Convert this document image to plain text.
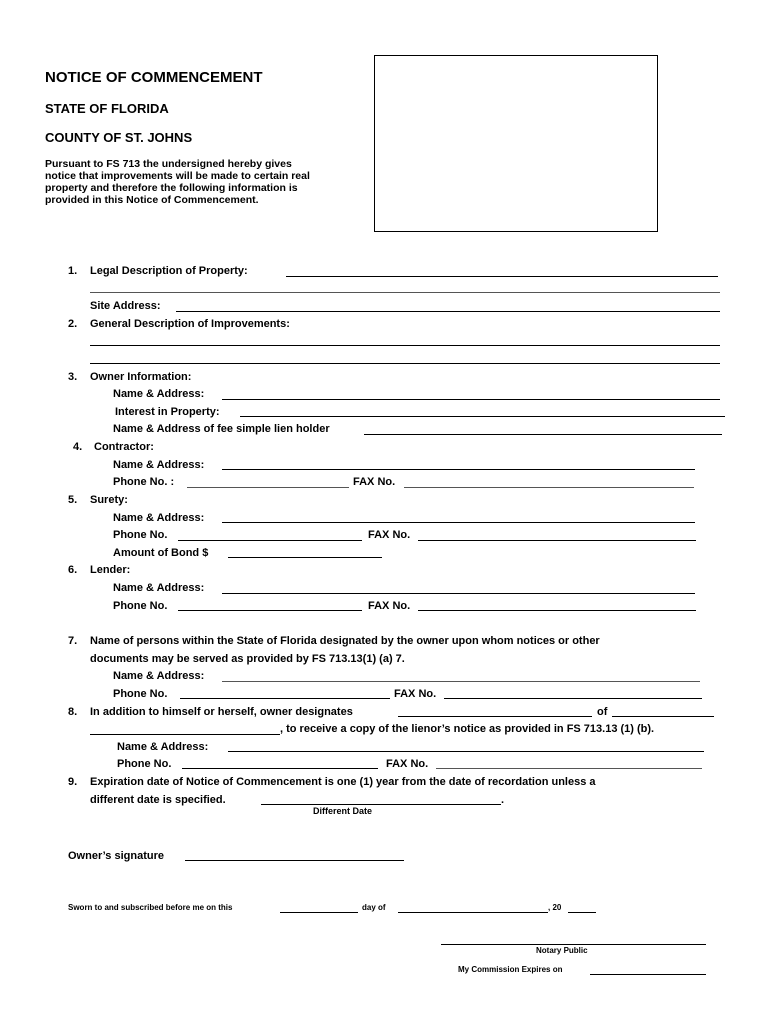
NOTICE OF COMMENCEMENT
STATE OF FLORIDA
COUNTY OF ST. JOHNS
Pursuant to FS 713 the undersigned hereby gives notice that improvements will be made to certain real property and therefore the following information is provided in this Notice of Commencement.
1. Legal Description of Property:
Site Address:
2. General Description of Improvements:
3. Owner Information:
Name & Address:
Interest in Property:
Name & Address of fee simple lien holder
4. Contractor:
Name & Address:
Phone No. :	FAX No.
5. Surety:
Name & Address:
Phone No.	FAX No.
Amount of Bond $
6. Lender:
Name & Address:
Phone No.	FAX No.
7. Name of persons within the State of Florida designated by the owner upon whom notices or other
documents may be served as provided by FS 713.13(1) (a) 7.
Name & Address:
Phone No.	FAX No.
8. In addition to himself or herself, owner designates	of
, to receive a copy of the lienor’s notice as provided in FS 713.13 (1) (b).
Name & Address:
Phone No.	FAX No.
9. Expiration date of Notice of Commencement is one (1) year from the date of recordation unless a
different date is specified.	.
Different Date
Owner’s signature
Sworn to and subscribed before me on this	day of	, 20
Notary Public
My Commission Expires on
